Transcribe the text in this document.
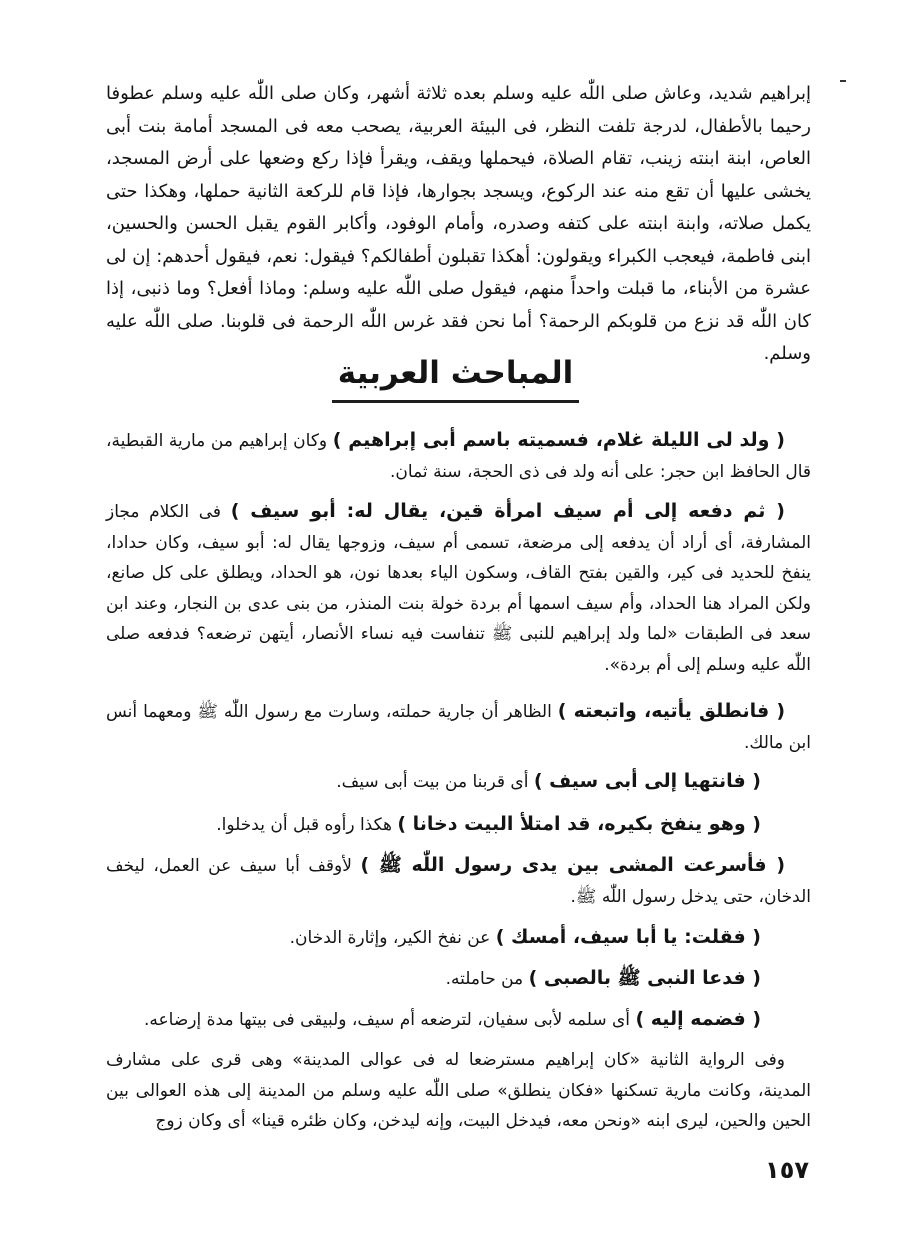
إبراهيم شديد، وعاش صلى اللّٰه عليه وسلم بعده ثلاثة أشهر، وكان صلى اللّٰه عليه وسلم عطوفا رحيما بالأطفال، لدرجة تلفت النظر، فى البيئة العربية، يصحب معه فى المسجد أمامة بنت أبى العاص، ابنة ابنته زينب، تقام الصلاة، فيحملها ويقف، ويقرأ فإذا ركع وضعها على أرض المسجد، يخشى عليها أن تقع منه عند الركوع، ويسجد بجوارها، فإذا قام للركعة الثانية حملها، وهكذا حتى يكمل صلاته، وابنة ابنته على كتفه وصدره، وأمام الوفود، وأكابر القوم يقبل الحسن والحسين، ابنى فاطمة، فيعجب الكبراء ويقولون: أهكذا تقبلون أطفالكم؟ فيقول: نعم، فيقول أحدهم: إن لى عشرة من الأبناء، ما قبلت واحداً منهم، فيقول صلى اللّٰه عليه وسلم: وماذا أفعل؟ وما ذنبى، إذا كان اللّٰه قد نزع من قلوبكم الرحمة؟ أما نحن فقد غرس اللّٰه الرحمة فى قلوبنا. صلى اللّٰه عليه وسلم.

المباحث العربية

( ولد لى الليلة غلام، فسميته باسم أبى إبراهيم ) وكان إبراهيم من مارية القبطية، قال الحافظ ابن حجر: على أنه ولد فى ذى الحجة، سنة ثمان.

( ثم دفعه إلى أم سيف امرأة قين، يقال له: أبو سيف ) فى الكلام مجاز المشارفة، أى أراد أن يدفعه إلى مرضعة، تسمى أم سيف، وزوجها يقال له: أبو سيف، وكان حدادا، ينفخ للحديد فى كير، والقين بفتح القاف، وسكون الياء بعدها نون، هو الحداد، ويطلق على كل صانع، ولكن المراد هنا الحداد، وأم سيف اسمها أم بردة خولة بنت المنذر، من بنى عدى بن النجار، وعند ابن سعد فى الطبقات «لما ولد إبراهيم للنبى ﷺ تنفاست فيه نساء الأنصار، أيتهن ترضعه؟ فدفعه صلى اللّٰه عليه وسلم إلى أم بردة».

( فانطلق يأتيه، واتبعته ) الظاهر أن جارية حملته، وسارت مع رسول اللّٰه ﷺ ومعهما أنس ابن مالك.

( فانتهيا إلى أبى سيف ) أى قربنا من بيت أبى سيف.

( وهو ينفخ بكيره، قد امتلأ البيت دخانا ) هكذا رأوه قبل أن يدخلوا.

( فأسرعت المشى بين يدى رسول اللّٰه ﷺ ) لأوقف أبا سيف عن العمل، ليخف الدخان، حتى يدخل رسول اللّٰه ﷺ.

( فقلت: يا أبا سيف، أمسك ) عن نفخ الكير، وإثارة الدخان.

( فدعا النبى ﷺ بالصبى ) من حاملته.

( فضمه إليه ) أى سلمه لأبى سفيان، لترضعه أم سيف، ولبيقى فى بيتها مدة إرضاعه.

وفى الرواية الثانية «كان إبراهيم مسترضعا له فى عوالى المدينة» وهى قرى على مشارف المدينة، وكانت مارية تسكنها «فكان ينطلق» صلى اللّٰه عليه وسلم من المدينة إلى هذه العوالى بين الحين والحين، ليرى ابنه «ونحن معه، فيدخل البيت، وإنه ليدخن، وكان ظئره قينا» أى وكان زوج

١٥٧
